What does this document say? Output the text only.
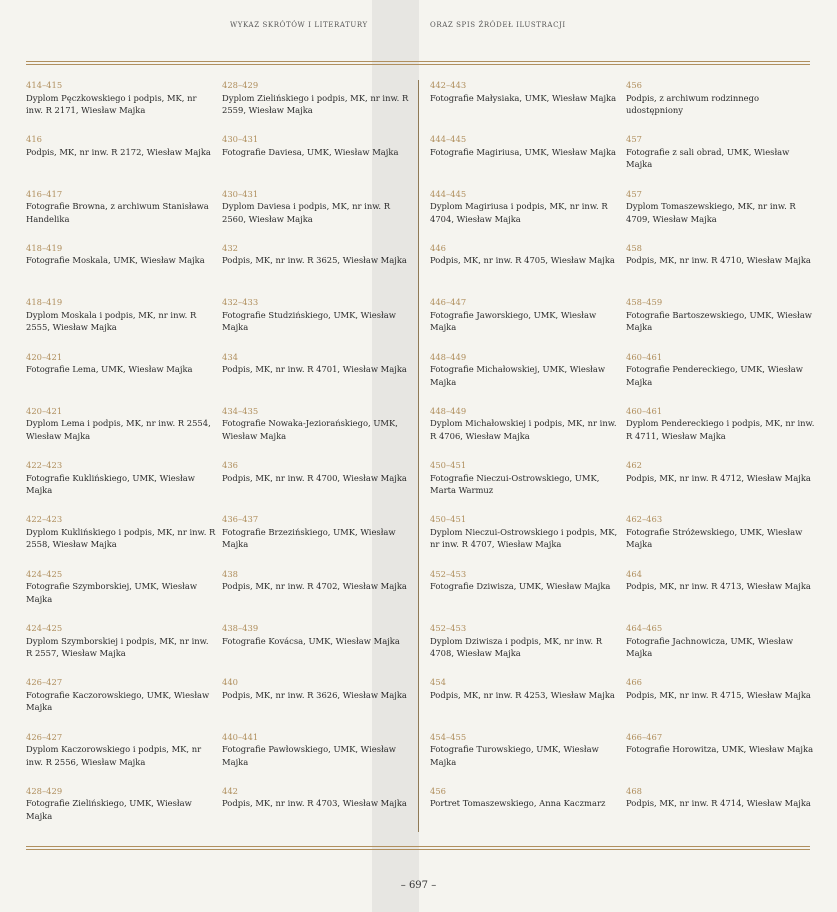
WYKAZ SKRÓTÓW I LITERATURY	ORAZ SPIS ŹRÓDEŁ ILUSTRACJI
414–415
Dyplom Pęczkowskiego i podpis, MK, nr inw. R 2171, Wiesław Majka
416
Podpis, MK, nr inw. R 2172, Wiesław Majka
416–417
Fotografie Browna, z archiwum Stanisława Handelika
418–419
Fotografie Moskala, UMK, Wiesław Majka
418–419
Dyplom Moskala i podpis, MK, nr inw. R 2555, Wiesław Majka
420–421
Fotografie Lema, UMK, Wiesław Majka
420–421
Dyplom Lema i podpis, MK, nr inw. R 2554, Wiesław Majka
422–423
Fotografie Kuklińskiego, UMK, Wiesław Majka
422–423
Dyplom Kuklińskiego i podpis, MK, nr inw. R 2558, Wiesław Majka
424–425
Fotografie Szymborskiej, UMK, Wiesław Majka
424–425
Dyplom Szymborskiej i podpis, MK, nr inw. R 2557, Wiesław Majka
426–427
Fotografie Kaczorowskiego, UMK, Wiesław Majka
426–427
Dyplom Kaczorowskiego i podpis, MK, nr inw. R 2556, Wiesław Majka
428–429
Fotografie Zielińskiego, UMK, Wiesław Majka
428–429
Dyplom Zielińskiego i podpis, MK, nr inw. R 2559, Wiesław Majka
430–431
Fotografie Daviesa, UMK, Wiesław Majka
430–431
Dyplom Daviesa i podpis, MK, nr inw. R 2560, Wiesław Majka
432
Podpis, MK, nr inw. R 3625, Wiesław Majka
432–433
Fotografie Studzińskiego, UMK, Wiesław Majka
434
Podpis, MK, nr inw. R 4701, Wiesław Majka
434–435
Fotografie Nowaka-Jeziorańskiego, UMK, Wiesław Majka
436
Podpis, MK, nr inw. R 4700, Wiesław Majka
436–437
Fotografie Brzezińskiego, UMK, Wiesław Majka
438
Podpis, MK, nr inw. R 4702, Wiesław Majka
438–439
Fotografie Kovácsa, UMK, Wiesław Majka
440
Podpis, MK, nr inw. R 3626, Wiesław Majka
440–441
Fotografie Pawłowskiego, UMK, Wiesław Majka
442
Podpis, MK, nr inw. R 4703, Wiesław Majka
442–443
Fotografie Małysiaka, UMK, Wiesław Majka
444–445
Fotografie Magiriusa, UMK, Wiesław Majka
444–445
Dyplom Magiriusa i podpis, MK, nr inw. R 4704, Wiesław Majka
446
Podpis, MK, nr inw. R 4705, Wiesław Majka
446–447
Fotografie Jaworskiego, UMK, Wiesław Majka
448–449
Fotografie Michałowskiej, UMK, Wiesław Majka
448–449
Dyplom Michałowskiej i podpis, MK, nr inw. R 4706, Wiesław Majka
450–451
Fotografie Nieczui-Ostrowskiego, UMK, Marta Warmuz
450–451
Dyplom Nieczui-Ostrowskiego i podpis, MK, nr inw. R 4707, Wiesław Majka
452–453
Fotografie Dziwisza, UMK, Wiesław Majka
452–453
Dyplom Dziwisza i podpis, MK, nr inw. R 4708, Wiesław Majka
454
Podpis, MK, nr inw. R 4253, Wiesław Majka
454–455
Fotografie Turowskiego, UMK, Wiesław Majka
456
Portret Tomaszewskiego, Anna Kaczmarz
456
Podpis, z archiwum rodzinnego udostępniony
457
Fotografie z sali obrad, UMK, Wiesław Majka
457
Dyplom Tomaszewskiego, MK, nr inw. R 4709, Wiesław Majka
458
Podpis, MK, nr inw. R 4710, Wiesław Majka
458–459
Fotografie Bartoszewskiego, UMK, Wiesław Majka
460–461
Fotografie Pendereckiego, UMK, Wiesław Majka
460–461
Dyplom Pendereckiego i podpis, MK, nr inw. R 4711, Wiesław Majka
462
Podpis, MK, nr inw. R 4712, Wiesław Majka
462–463
Fotografie Stróżewskiego, UMK, Wiesław Majka
464
Podpis, MK, nr inw. R 4713, Wiesław Majka
464–465
Fotografie Jachnowicza, UMK, Wiesław Majka
466
Podpis, MK, nr inw. R 4715, Wiesław Majka
466–467
Fotografie Horowitza, UMK, Wiesław Majka
468
Podpis, MK, nr inw. R 4714, Wiesław Majka
– 697 –
